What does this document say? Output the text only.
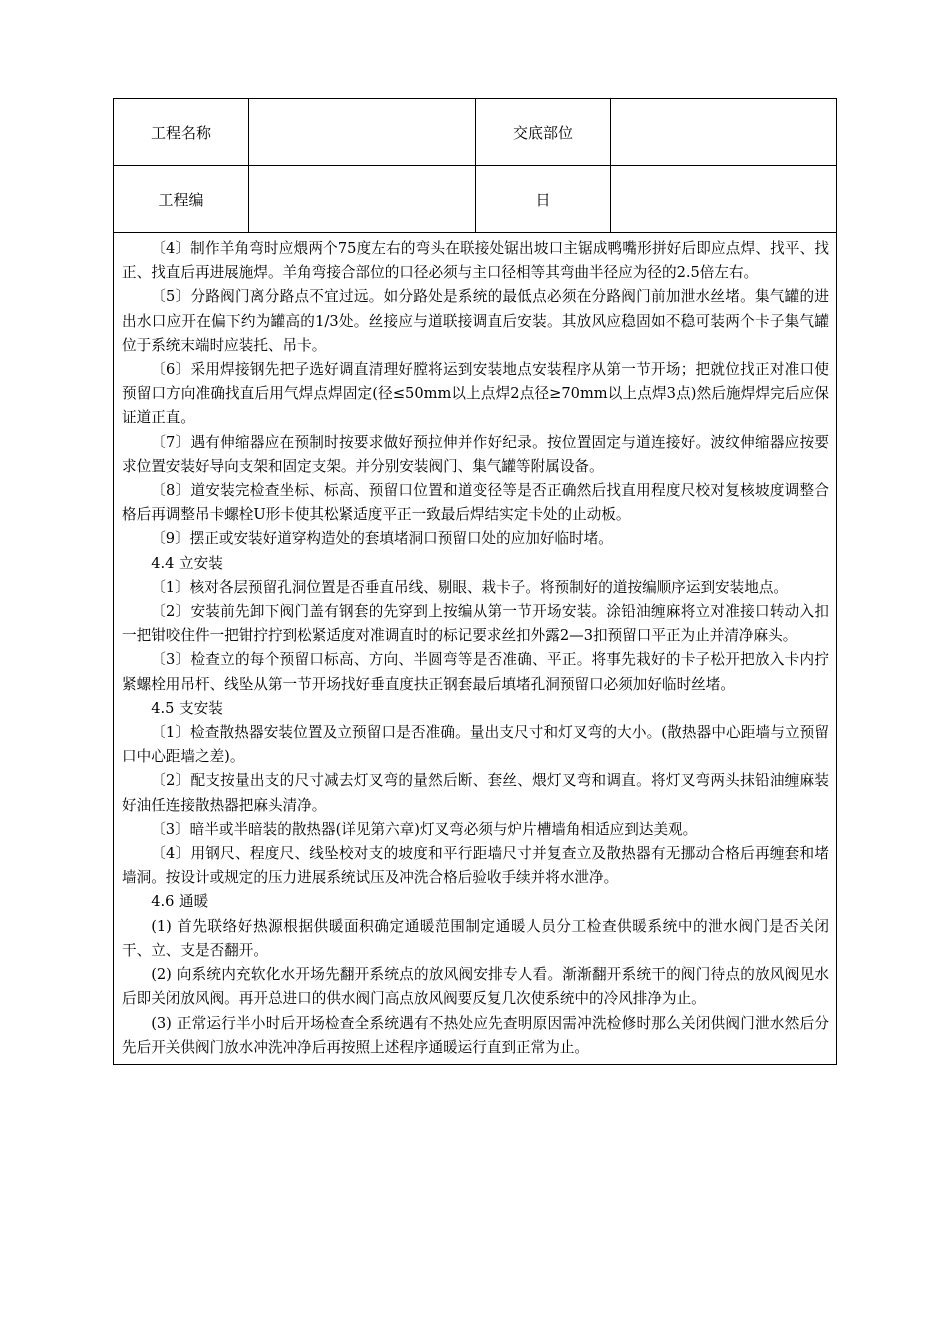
工程名称	交底部位
工程编	日

〔4〕制作羊角弯时应煨两个75度左右的弯头在联接处锯出坡口主锯成鸭嘴形拼好后即应点焊、找平、找正、找直后再进展施焊。羊角弯接合部位的口径必须与主口径相等其弯曲半径应为径的2.5倍左右。

〔5〕分路阀门离分路点不宜过远。如分路处是系统的最低点必须在分路阀门前加泄水丝堵。集气罐的进出水口应开在偏下约为罐高的1/3处。丝接应与道联接调直后安装。其放风应稳固如不稳可装两个卡子集气罐位于系统末端时应装托、吊卡。

〔6〕采用焊接钢先把子选好调直清理好膛将运到安装地点安装程序从第一节开场；把就位找正对准口使预留口方向准确找直后用气焊点焊固定(径≤50mm以上点焊2点径≥70mm以上点焊3点)然后施焊焊完后应保证道正直。

〔7〕遇有伸缩器应在预制时按要求做好预拉伸并作好纪录。按位置固定与道连接好。波纹伸缩器应按要求位置安装好导向支架和固定支架。并分别安装阀门、集气罐等附属设备。

〔8〕道安装完检查坐标、标高、预留口位置和道变径等是否正确然后找直用程度尺校对复核坡度调整合格后再调整吊卡螺栓U形卡使其松紧适度平正一致最后焊结实定卡处的止动板。

〔9〕摆正或安装好道穿构造处的套填堵洞口预留口处的应加好临时堵。

4.4 立安装

〔1〕核对各层预留孔洞位置是否垂直吊线、剔眼、栽卡子。将预制好的道按编顺序运到安装地点。

〔2〕安装前先卸下阀门盖有钢套的先穿到上按编从第一节开场安装。涂铅油缠麻将立对准接口转动入扣一把钳咬住件一把钳拧拧到松紧适度对准调直时的标记要求丝扣外露2—3扣预留口平正为止并清净麻头。

〔3〕检查立的每个预留口标高、方向、半圆弯等是否准确、平正。将事先栽好的卡子松开把放入卡内拧紧螺栓用吊杆、线坠从第一节开场找好垂直度扶正钢套最后填堵孔洞预留口必须加好临时丝堵。

4.5 支安装

〔1〕检查散热器安装位置及立预留口是否准确。量出支尺寸和灯叉弯的大小。(散热器中心距墙与立预留口中心距墙之差)。

〔2〕配支按量出支的尺寸减去灯叉弯的量然后断、套丝、煨灯叉弯和调直。将灯叉弯两头抹铅油缠麻装好油任连接散热器把麻头清净。

〔3〕暗半或半暗装的散热器(详见第六章)灯叉弯必须与炉片槽墙角相适应到达美观。

〔4〕用钢尺、程度尺、线坠校对支的坡度和平行距墙尺寸并复查立及散热器有无挪动合格后再缠套和堵墙洞。按设计或规定的压力进展系统试压及冲洗合格后验收手续并将水泄净。

4.6 通暖

(1) 首先联络好热源根据供暖面积确定通暖范围制定通暖人员分工检查供暖系统中的泄水阀门是否关闭干、立、支是否翻开。

(2) 向系统内充软化水开场先翻开系统点的放风阀安排专人看。渐渐翻开系统干的阀门待点的放风阀见水后即关闭放风阀。再开总进口的供水阀门高点放风阀要反复几次使系统中的冷风排净为止。

(3) 正常运行半小时后开场检查全系统遇有不热处应先查明原因需冲洗检修时那么关闭供阀门泄水然后分先后开关供阀门放水冲洗冲净后再按照上述程序通暖运行直到正常为止。
